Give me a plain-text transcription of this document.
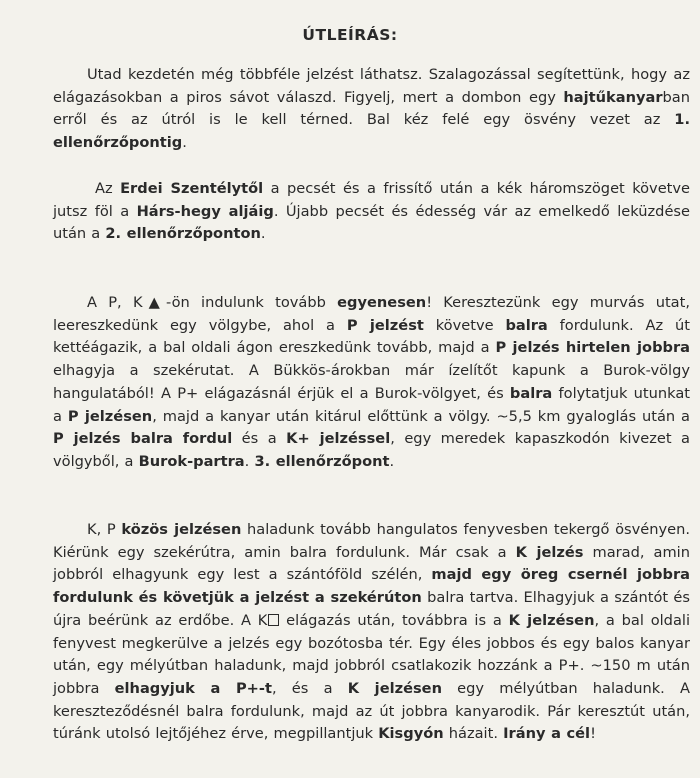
ÚTLEÍRÁS:
Utad kezdetén még többféle jelzést láthatsz. Szalagozással segítettünk, hogy az elágazásokban a piros sávot válaszd. Figyelj, mert a dombon egy hajtűkanyarban erről és az útról is le kell térned. Bal kéz felé egy ösvény vezet az 1. ellenőrzőpontig.
Az Erdei Szentélytől a pecsét és a frissítő után a kék háromszöget követve jutsz föl a Hárs-hegy aljáig. Újabb pecsét és édesség vár az emelkedő leküzdése után a 2. ellenőrzőponton.
A P, K▲-ön indulunk tovább egyenesen! Keresztezünk egy murvás utat, leereszkedünk egy völgybe, ahol a P jelzést követve balra fordulunk. Az út kettéágazik, a bal oldali ágon ereszkedünk tovább, majd a P jelzés hirtelen jobbra elhagyja a szekérutat. A Bükkös-árokban már ízelítőt kapunk a Burok-völgy hangulatából! A P+ elágazásnál érjük el a Burok-völgyet, és balra folytatjuk utunkat a P jelzésen, majd a kanyar után kitárul előttünk a völgy. ~5,5 km gyaloglás után a P jelzés balra fordul és a K+ jelzéssel, egy meredek kapaszkodón kivezet a völgyből, a Burok-partra. 3. ellenőrzőpont.
K, P közös jelzésen haladunk tovább hangulatos fenyvesben tekergő ösvényen. Kiérünk egy szekérútra, amin balra fordulunk. Már csak a K jelzés marad, amin jobbról elhagyunk egy lest a szántóföld szélén, majd egy öreg csernél jobbra fordulunk és követjük a jelzést a szekérúton balra tartva. Elhagyjuk a szántót és újra beérünk az erdőbe. A K elágazás után, továbbra is a K jelzésen, a bal oldali fenyvest megkerülve a jelzés egy bozótosba tér. Egy éles jobbos és egy balos kanyar után, egy mélyútban haladunk, majd jobbról csatlakozik hozzánk a P+. ~150 m után jobbra elhagyjuk a P+-t, és a K jelzésen egy mélyútban haladunk. A kereszteződésnél balra fordulunk, majd az út jobbra kanyarodik. Pár keresztút után, túránk utolsó lejtőjéhez érve, megpillantjuk Kisgyón házait. Irány a cél!
